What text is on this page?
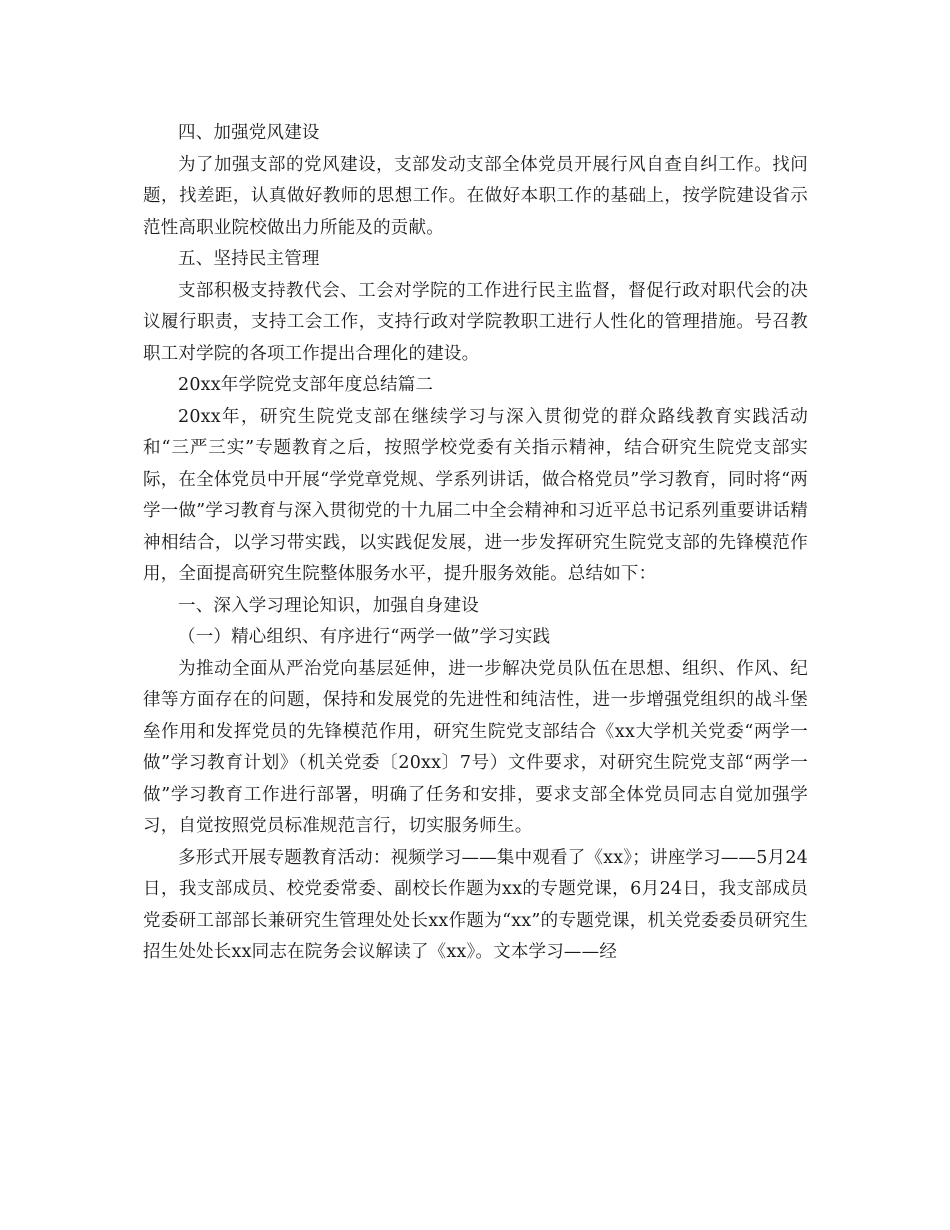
四、加强党风建设

为了加强支部的党风建设，支部发动支部全体党员开展行风自查自纠工作。找问题，找差距，认真做好教师的思想工作。在做好本职工作的基础上，按学院建设省示范性高职业院校做出力所能及的贡献。

五、坚持民主管理

支部积极支持教代会、工会对学院的工作进行民主监督，督促行政对职代会的决议履行职责，支持工会工作，支持行政对学院教职工进行人性化的管理措施。号召教职工对学院的各项工作提出合理化的建设。

20xx年学院党支部年度总结篇二

20xx年，研究生院党支部在继续学习与深入贯彻党的群众路线教育实践活动和“三严三实”专题教育之后，按照学校党委有关指示精神，结合研究生院党支部实际，在全体党员中开展“学党章党规、学系列讲话，做合格党员”学习教育，同时将“两学一做”学习教育与深入贯彻党的十九届二中全会精神和习近平总书记系列重要讲话精神相结合，以学习带实践，以实践促发展，进一步发挥研究生院党支部的先锋模范作用，全面提高研究生院整体服务水平，提升服务效能。总结如下：

一、深入学习理论知识，加强自身建设

（一）精心组织、有序进行“两学一做”学习实践

为推动全面从严治党向基层延伸，进一步解决党员队伍在思想、组织、作风、纪律等方面存在的问题，保持和发展党的先进性和纯洁性，进一步增强党组织的战斗堡垒作用和发挥党员的先锋模范作用，研究生院党支部结合《xx大学机关党委“两学一做”学习教育计划》（机关党委〔20xx〕7号）文件要求，对研究生院党支部“两学一做”学习教育工作进行部署，明确了任务和安排，要求支部全体党员同志自觉加强学习，自觉按照党员标准规范言行，切实服务师生。

多形式开展专题教育活动：视频学习——集中观看了《xx》；讲座学习——5月24日，我支部成员、校党委常委、副校长作题为xx的专题党课，6月24日，我支部成员党委研工部部长兼研究生管理处处长xx作题为“xx”的专题党课，机关党委委员研究生招生处处长xx同志在院务会议解读了《xx》。文本学习——经
